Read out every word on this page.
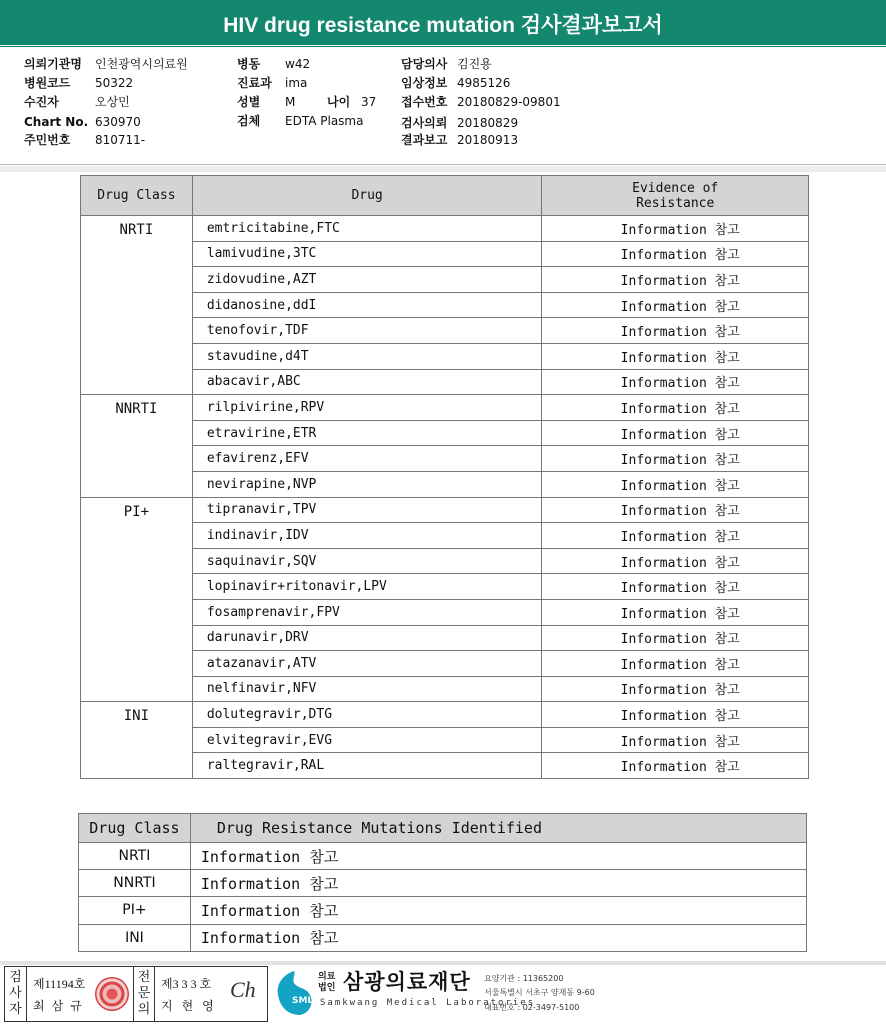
HIV drug resistance mutation 검사결과보고서
의뢰기관명 인천광역시의료원
병원코드 50322
수진자	오상민
Chart No. 630970
주민번호 810711-
병동 w42
진료과 ima
성별 M	나이 37
검체 EDTA Plasma
담당의사 김진용
임상정보 4985126
접수번호 20180829-09801
검사의뢰 20180829
결과보고 20180913
Drug Class	Drug	Evidence of Resistance
NRTI	emtricitabine,FTC	Information 참고
	lamivudine,3TC	Information 참고
	zidovudine,AZT	Information 참고
	didanosine,ddI	Information 참고
	tenofovir,TDF	Information 참고
	stavudine,d4T	Information 참고
	abacavir,ABC	Information 참고
NNRTI	rilpivirine,RPV	Information 참고
	etravirine,ETR	Information 참고
	efavirenz,EFV	Information 참고
	nevirapine,NVP	Information 참고
PI+	tipranavir,TPV	Information 참고
	indinavir,IDV	Information 참고
	saquinavir,SQV	Information 참고
	lopinavir+ritonavir,LPV	Information 참고
	fosamprenavir,FPV	Information 참고
	darunavir,DRV	Information 참고
	atazanavir,ATV	Information 참고
	nelfinavir,NFV	Information 참고
INI	dolutegravir,DTG	Information 참고
	elvitegravir,EVG	Information 참고
	raltegravir,RAL	Information 참고
Drug Class	Drug Resistance Mutations Identified
NRTI	Information 참고
NNRTI	Information 참고
PI+	Information 참고
INI	Information 참고
검
사
자
제11194호
최 삼 규
전
문
의
제3 3 3 호
지 현 영
Ch	SML
의료
법인 삼광의료재단
Samkwang Medical Laboratories
요양기관 : 11365200
서울특별시 서초구 양재동 9-60
대표번호 : 02-3497-5100
